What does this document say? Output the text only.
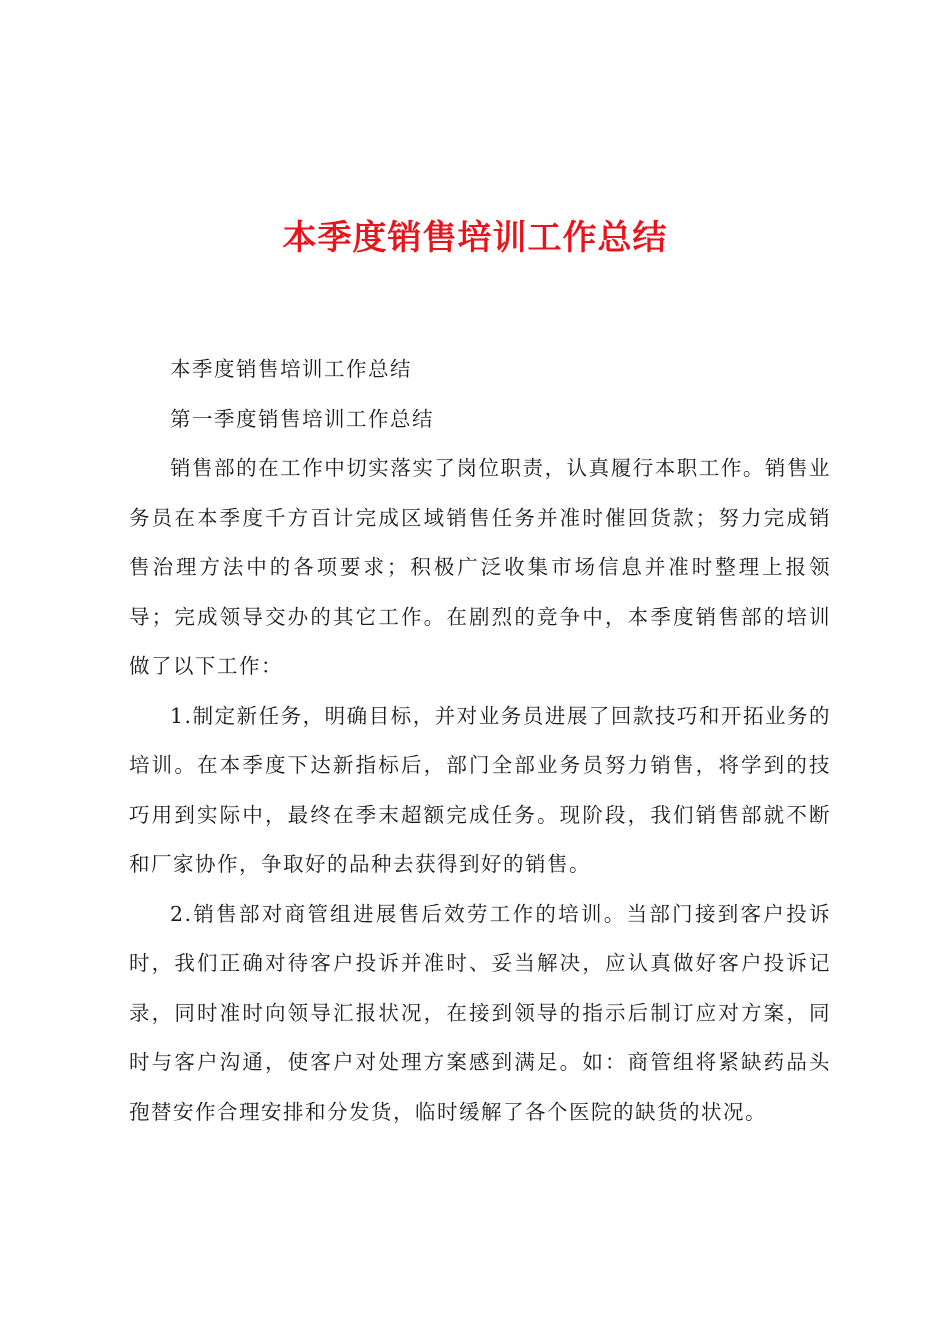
本季度销售培训工作总结

本季度销售培训工作总结

第一季度销售培训工作总结

销售部的在工作中切实落实了岗位职责，认真履行本职工作。销售业务员在本季度千方百计完成区域销售任务并准时催回货款；努力完成销售治理方法中的各项要求；积极广泛收集市场信息并准时整理上报领导；完成领导交办的其它工作。在剧烈的竞争中，本季度销售部的培训做了以下工作：

1.制定新任务，明确目标，并对业务员进展了回款技巧和开拓业务的培训。在本季度下达新指标后，部门全部业务员努力销售，将学到的技巧用到实际中，最终在季末超额完成任务。现阶段，我们销售部就不断和厂家协作，争取好的品种去获得到好的销售。

2.销售部对商管组进展售后效劳工作的培训。当部门接到客户投诉时，我们正确对待客户投诉并准时、妥当解决，应认真做好客户投诉记录，同时准时向领导汇报状况，在接到领导的指示后制订应对方案，同时与客户沟通，使客户对处理方案感到满足。如：商管组将紧缺药品头孢替安作合理安排和分发货，临时缓解了各个医院的缺货的状况。
